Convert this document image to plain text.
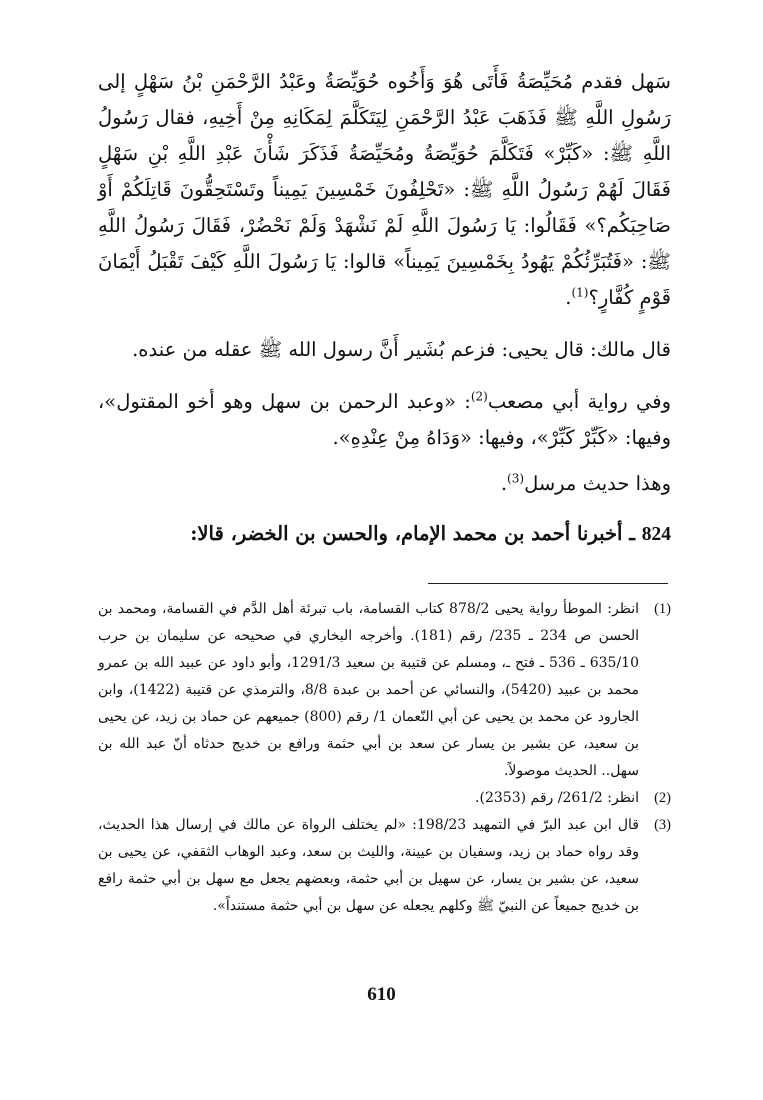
سَهل فقدم مُحَيِّصَةُ فَأَتَى هُوَ وَأَخُوه حُوَيِّصَةُ وعَبْدُ الرَّحْمَنِ بْنُ سَهْلٍ إلى رَسُولِ اللَّهِ ﷺ فَذَهَبَ عَبْدُ الرَّحْمَنِ لِيَتَكَلَّمَ لِمَكَانِهِ مِنْ أَخِيهِ، فقال رَسُولُ اللَّهِ ﷺ: «كَبِّرْ» فَتَكَلَّمَ حُوَيِّصَةُ ومُحَيِّصَةُ فَذَكَرَ شَأْنَ عَبْدِ اللَّهِ بْنِ سَهْلٍ فَقَالَ لَهُمْ رَسُولُ اللَّهِ ﷺ: «تَحْلِفُونَ خَمْسِينَ يَمِيناً وتَسْتَحِقُّونَ قَاتِلَكُمْ أَوْ صَاحِبَكُم؟» فَقَالُوا: يَا رَسُولَ اللَّهِ لَمْ نَشْهَدْ وَلَمْ نَحْضُرْ، فَقَالَ رَسُولُ اللَّهِ ﷺ: «فَتُبَرِّئُكُمْ يَهُودُ بِخَمْسِينَ يَمِيناً» قالوا: يَا رَسُولَ اللَّهِ كَيْفَ تَقْبَلُ أَيْمَانَ قَوْمٍ كُفَّارٍ؟$^{(1)}$.

قال مالك: قال يحيى: فزعم بُشَير أَنَّ رسول الله ﷺ عقله من عنده.

وفي رواية أبي مصعب$^{(2)}$: «وعبد الرحمن بن سهل وهو أخو المقتول»، وفيها: «كَبِّرْ كَبِّرْ»، وفيها: «وَدَاهُ مِنْ عِنْدِهِ».

وهذا حديث مرسل$^{(3)}$.

824 ـ أخبرنا أحمد بن محمد الإمام، والحسن بن الخضر، قالا:

(1)
انظر: الموطأ رواية يحيى 878/2 كتاب القسامة، باب تبرئة أهل الدَّم في القسامة، ومحمد بن الحسن ص 234 ـ 235/ رقم (181). وأخرجه البخاري في صحيحه عن سليمان بن حرب 635/10 ـ 536 ـ فتح ـ، ومسلم عن قتيبة بن سعيد 1291/3، وأبو داود عن عبيد الله بن عمرو محمد بن عبيد (5420)، والنسائي عن أحمد بن عبدة 8/8، والترمذي عن قتيبة (1422)، وابن الجارود عن محمد بن يحيى عن أبي النّعمان 1/ رقم (800) جميعهم عن حماد بن زيد، عن يحيى بن سعيد، عن بشير بن يسار عن سعد بن أبي حثمة ورافع بن خديج حدثاه أنّ عبد الله بن سهل.. الحديث موصولاً.

(2)
انظر: 261/2/ رقم (2353).

(3)
قال ابن عبد البرّ في التمهيد 198/23: «لم يختلف الرواة عن مالك في إرسال هذا الحديث، وقد رواه حماد بن زيد، وسفيان بن عيينة، والليث بن سعد، وعبد الوهاب الثقفي، عن يحيى بن سعيد، عن بشير بن يسار، عن سهيل بن أبي حثمة، وبعضهم يجعل مع سهل بن أبي حثمة رافع بن خديج جميعاً عن النبيّ ﷺ وكلهم يجعله عن سهل بن أبي حثمة مستنداً».

610
